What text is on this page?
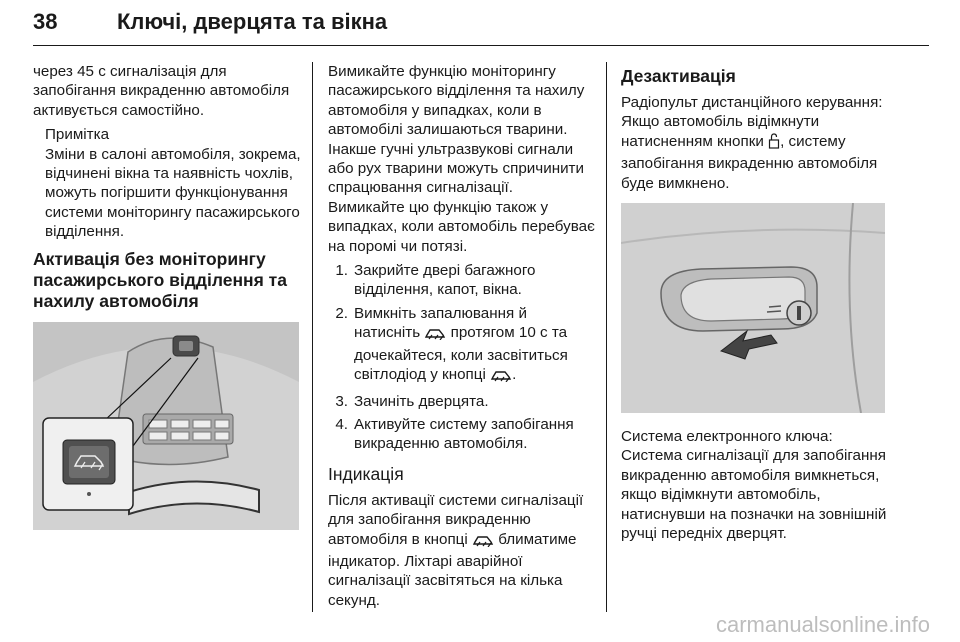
38	Ключі, дверцята та вікна

через 45 с сигналізація для запобігання викраденню автомобіля активується самостійно.

Примітка

Зміни в салоні автомобіля, зокрема, відчинені вікна та наявність чохлів, можуть погіршити функціонування системи моніторингу пасажирського відділення.

Активація без моніторингу пасажирського відділення та нахилу автомобіля

Вимикайте функцію моніторингу пасажирського відділення та нахилу автомобіля у випадках, коли в автомобілі залишаються тварини. Інакше гучні ультразвукові сигнали або рух тварини можуть спричинити спрацювання сигналізації.

Вимикайте цю функцію також у випадках, коли автомобіль перебуває на поромі чи потязі.

1. Закрийте двері багажного відділення, капот, вікна.
2. Вимкніть запалювання й натисніть протягом 10 с та дочекайтеся, коли засвітиться світлодіод у кнопці .
3. Зачиніть дверцята.
4. Активуйте систему запобігання викраденню автомобіля.
Індикація

Після активації системи сигналізації для запобігання викраденню автомобіля в кнопці блиматиме індикатор. Ліхтарі аварійної сигналізації засвітяться на кілька секунд.

Дезактивація

Радіопульт дистанційного керування: Якщо автомобіль відімкнути натисненням кнопки , систему запобігання викраденню автомобіля буде вимкнено.

Система електронного ключа: Система сигналізації для запобігання викраденню автомобіля вимкнеться, якщо відімкнути автомобіль, натиснувши на позначки на зовнішній ручці передніх дверцят.

carmanualsonline.info
